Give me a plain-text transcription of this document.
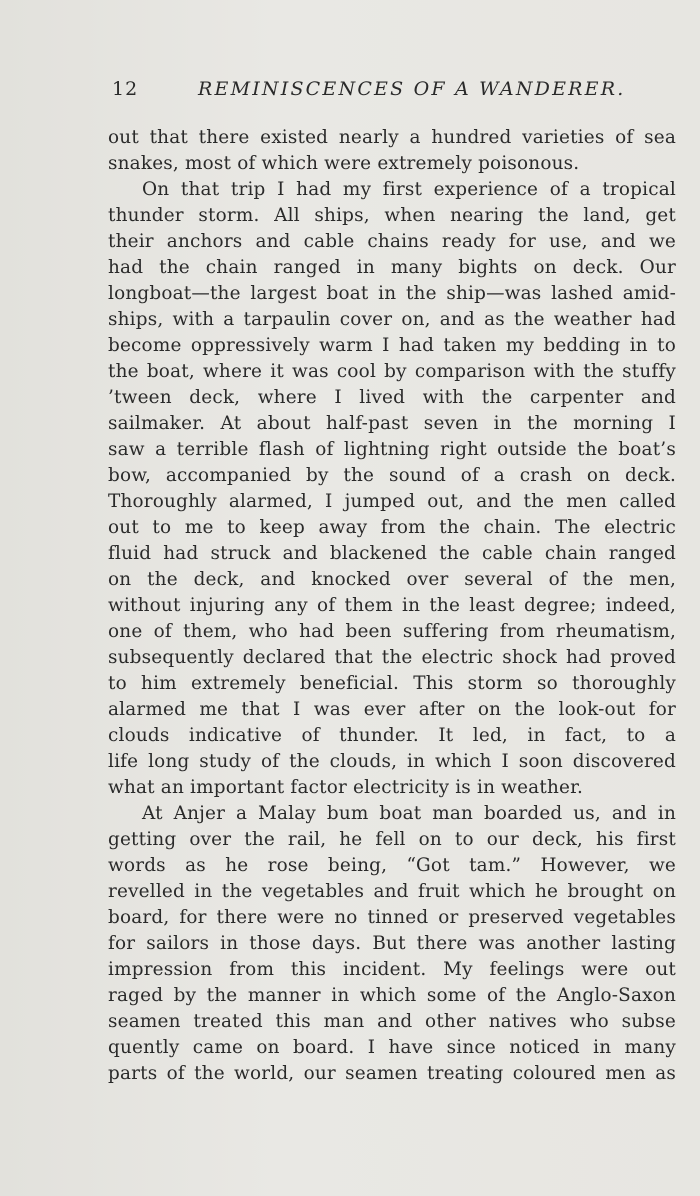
12	REMINISCENCES OF A WANDERER.
out that there existed nearly a hundred varieties of sea
snakes, most of which were extremely poisonous.
On that trip I had my first experience of a tropical
thunder storm. All ships, when nearing the land, get
their anchors and cable chains ready for use, and we
had the chain ranged in many bights on deck. Our
longboat—the largest boat in the ship—was lashed amid-
ships, with a tarpaulin cover on, and as the weather had
become oppressively warm I had taken my bedding in to
the boat, where it was cool by comparison with the stuffy
’tween deck, where I lived with the carpenter and
sailmaker. At about half-past seven in the morning I
saw a terrible flash of lightning right outside the boat’s
bow, accompanied by the sound of a crash on deck.
Thoroughly alarmed, I jumped out, and the men called
out to me to keep away from the chain. The electric
fluid had struck and blackened the cable chain ranged
on the deck, and knocked over several of the men,
without injuring any of them in the least degree; indeed,
one of them, who had been suffering from rheumatism,
subsequently declared that the electric shock had proved
to him extremely beneficial. This storm so thoroughly
alarmed me that I was ever after on the look-out for
clouds indicative of thunder. It led, in fact, to a
life long study of the clouds, in which I soon discovered
what an important factor electricity is in weather.
At Anjer a Malay bum boat man boarded us, and in
getting over the rail, he fell on to our deck, his first
words as he rose being, “Got tam.” However, we
revelled in the vegetables and fruit which he brought on
board, for there were no tinned or preserved vegetables
for sailors in those days. But there was another lasting
impression from this incident. My feelings were out
raged by the manner in which some of the Anglo-Saxon
seamen treated this man and other natives who subse
quently came on board. I have since noticed in many
parts of the world, our seamen treating coloured men as
